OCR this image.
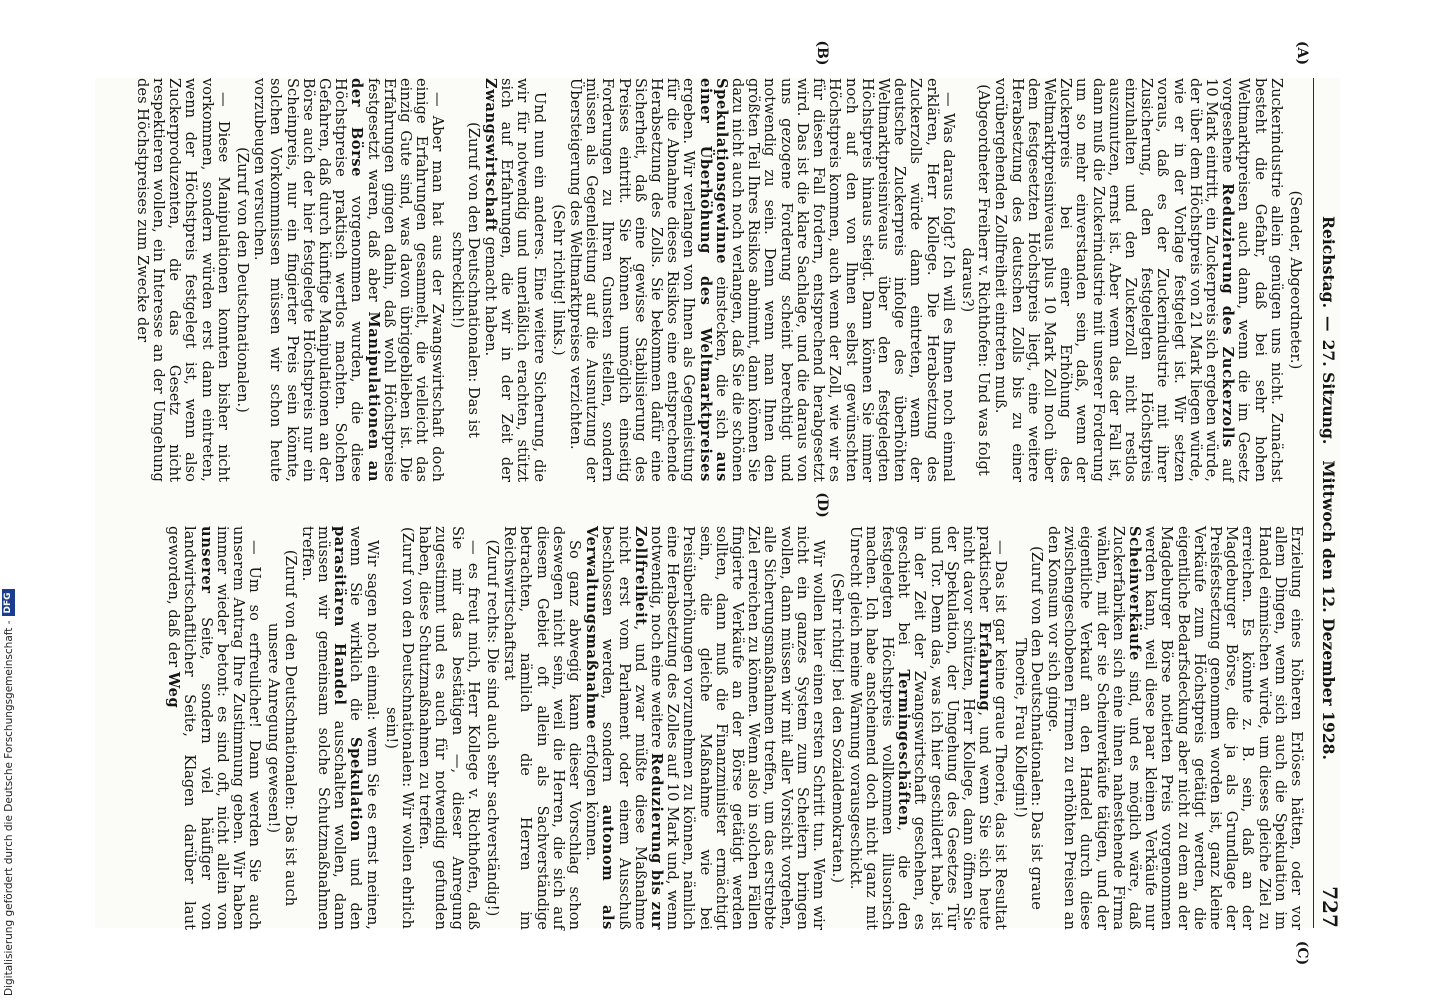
Reichstag.—27. Sitzung.Mittwoch den 12. Dezember 1928.
727
(A)
(B)
(C)
(D)

(Sender, Abgeordneter.)

Zuckerindustrie allein genügen uns nicht. Zunächst besteht die Gefahr, daß bei sehr hohen Weltmarktpreisen auch dann, wenn die im Gesetz vorgesehene Reduzierung des Zuckerzolls auf 10 Mark eintritt, ein Zuckerpreis sich ergeben würde, der über dem Höchstpreis von 21 Mark liegen würde, wie er in der Vorlage festgelegt ist. Wir setzen voraus, daß es der Zuckerindustrie mit ihrer Zusicherung, den festgelegten Höchstpreis einzuhalten und den Zuckerzoll nicht restlos auszunutzen, ernst ist. Aber wenn das der Fall ist, dann muß die Zuckerindustrie mit unserer Forderung um so mehr einverstanden sein, daß, wenn der Zuckerpreis bei einer Erhöhung des Weltmarktpreisniveaus plus 10 Mark Zoll noch über dem festgesetzten Höchstpreis liegt, eine weitere Herabsetzung des deutschen Zolls bis zu einer vorübergehenden Zollfreiheit eintreten muß.

(Abgeordneter Freiherr v. Richthofen: Und was folgt daraus?)

— Was daraus folgt? Ich will es Ihnen noch einmal erklären, Herr Kollege. Die Herabsetzung des Zuckerzolls würde dann eintreten, wenn der deutsche Zuckerpreis infolge des überhöhten Weltmarktpreisniveaus über den festgelegten Höchstpreis hinaus steigt. Dann können Sie immer noch auf den von Ihnen selbst gewünschten Höchstpreis kommen, auch wenn der Zoll, wie wir es für diesen Fall fordern, entsprechend herabgesetzt wird. Das ist die klare Sachlage, und die daraus von uns gezogene Forderung scheint berechtigt und notwendig zu sein. Denn wenn man Ihnen den größten Teil Ihres Risikos abnimmt, dann können Sie dazu nicht auch noch verlangen, daß Sie die schönen Spekulationsgewinne einstecken, die sich aus einer Überhöhung des Weltmarktpreises ergeben. Wir verlangen von Ihnen als Gegenleistung für die Abnahme dieses Risikos eine entsprechende Herabsetzung des Zolls. Sie bekommen dafür eine Sicherheit, daß eine gewisse Stabilisierung des Preises eintritt. Sie können unmöglich einseitig Forderungen zu Ihren Gunsten stellen, sondern müssen als Gegenleistung auf die Ausnutzung der Übersteigerung des Weltmarktpreises verzichten.

(Sehr richtig! links.)

Und nun ein anderes. Eine weitere Sicherung, die wir für notwendig und unerläßlich erachten, stützt sich auf Erfahrungen, die wir in der Zeit der Zwangswirtschaft gemacht haben.

(Zuruf von den Deutschnationalen: Das ist schrecklich!)

— Aber man hat aus der Zwangswirtschaft doch einige Erfahrungen gesammelt, die vielleicht das einzig Gute sind, was davon übriggeblieben ist. Die Erfahrungen gingen dahin, daß wohl Höchstpreise festgesetzt waren, daß aber Manipulationen an der Börse vorgenommen wurden, die diese Höchstpreise praktisch wertlos machten. Solchen Gefahren, daß durch künftige Manipulationen an der Börse auch der hier festgelegte Höchstpreis nur ein Scheinpreis, nur ein fingierter Preis sein könnte, solchen Vorkommnissen müssen wir schon heute vorzubeugen versuchen.

(Zuruf von den Deutschnationalen.)

— Diese Manipulationen konnten bisher nicht vorkommen, sondern würden erst dann eintreten, wenn der Höchstpreis festgelegt ist, wenn also Zuckerproduzenten, die das Gesetz nicht respektieren wollen, ein Interesse an der Umgehung des Höchstpreises zum Zwecke der

Erzielung eines höheren Erlöses hätten, oder vor allem Dingen, wenn sich auch die Spekulation im Handel einmischen würde, um dieses gleiche Ziel zu erreichen. Es könnte z. B. sein, daß an der Magdeburger Börse, die ja als Grundlage der Preisfestsetzung genommen worden ist, ganz kleine Verkäufe zum Höchstpreis getätigt werden, die eigentliche Bedarfsdeckung aber nicht zu dem an der Magdeburger Börse notierten Preis vorgenommen werden kann, weil diese paar kleinen Verkäufe nur Scheinverkäufe sind, und es möglich wäre, daß Zuckerfabriken sich eine ihnen nahestehende Firma wählen, mit der sie Scheinverkäufe tätigen, und der eigentliche Verkauf an den Handel durch diese zwischengeschobenen Firmen zu erhöhten Preisen an den Konsum vor sich ginge.

(Zuruf von den Deutschnationalen: Das ist graue Theorie, Frau Kollegin!)

— Das ist gar keine graue Theorie, das ist Resultat praktischer Erfahrung, und wenn Sie sich heute nicht davor schützen, Herr Kollege, dann öffnen Sie der Spekulation, der Umgehung des Gesetzes Tür und Tor. Denn das, was ich hier geschildert habe, ist in der Zeit der Zwangswirtschaft geschehen, es geschieht bei Termingeschäften, die den festgelegten Höchstpreis vollkommen illusorisch machen. Ich habe anscheinend doch nicht ganz mit Unrecht gleich meine Warnung vorausgeschickt.

(Sehr richtig! bei den Sozialdemokraten.)

Wir wollen hier einen ersten Schritt tun. Wenn wir nicht ein ganzes System zum Scheitern bringen wollen, dann müssen wir mit aller Vorsicht vorgehen, alle Sicherungsmaßnahmen treffen, um das erstrebte Ziel erreichen zu können. Wenn also in solchen Fällen fingierte Verkäufe an der Börse getätigt werden sollten, dann muß die Finanzminister ermächtigt sein, die gleiche Maßnahme wie bei Preisüberhöhungen vorzunehmen zu können, nämlich eine Herabsetzung des Zolles auf 10 Mark und, wenn notwendig, noch eine weitere Reduzierung bis zur Zollfreiheit, und zwar müßte diese Maßnahme nicht erst vom Parlament oder einem Ausschuß beschlossen werden, sondern autonom als Verwaltungsmaßnahme erfolgen können.

So ganz abwegig kann dieser Vorschlag schon deswegen nicht sein, weil die Herren, die sich auf diesem Gebiet oft allein als Sachverständige betrachten, nämlich die Herren im Reichswirtschaftsrat

(Zuruf rechts: Die sind auch sehr sachverständig!)

— es freut mich, Herr Kollege v. Richthofen, daß Sie mir das bestätigen —, dieser Anregung zugestimmt und es auch für notwendig gefunden haben, diese Schutzmaßnahmen zu treffen.

(Zuruf von den Deutschnationalen: Wir wollen ehrlich sein!)

Wir sagen noch einmal: wenn Sie es ernst meinen, wenn Sie wirklich die Spekulation und den parasitären Handel ausschalten wollen, dann müssen wir gemeinsam solche Schutzmaßnahmen treffen.

(Zuruf von den Deutschnationalen: Das ist auch unsere Anregung gewesen!)

— Um so erfreulicher! Dann werden Sie auch unserem Antrag Ihre Zustimmung geben. Wir haben immer wieder betont: es sind oft, nicht allein von unserer Seite, sondern viel häufiger von landwirtschaftlicher Seite, Klagen darüber laut geworden, daß der Weg

Digitalisierung gefördert durch die Deutsche Forschungsgemeinschaft -
DFG
